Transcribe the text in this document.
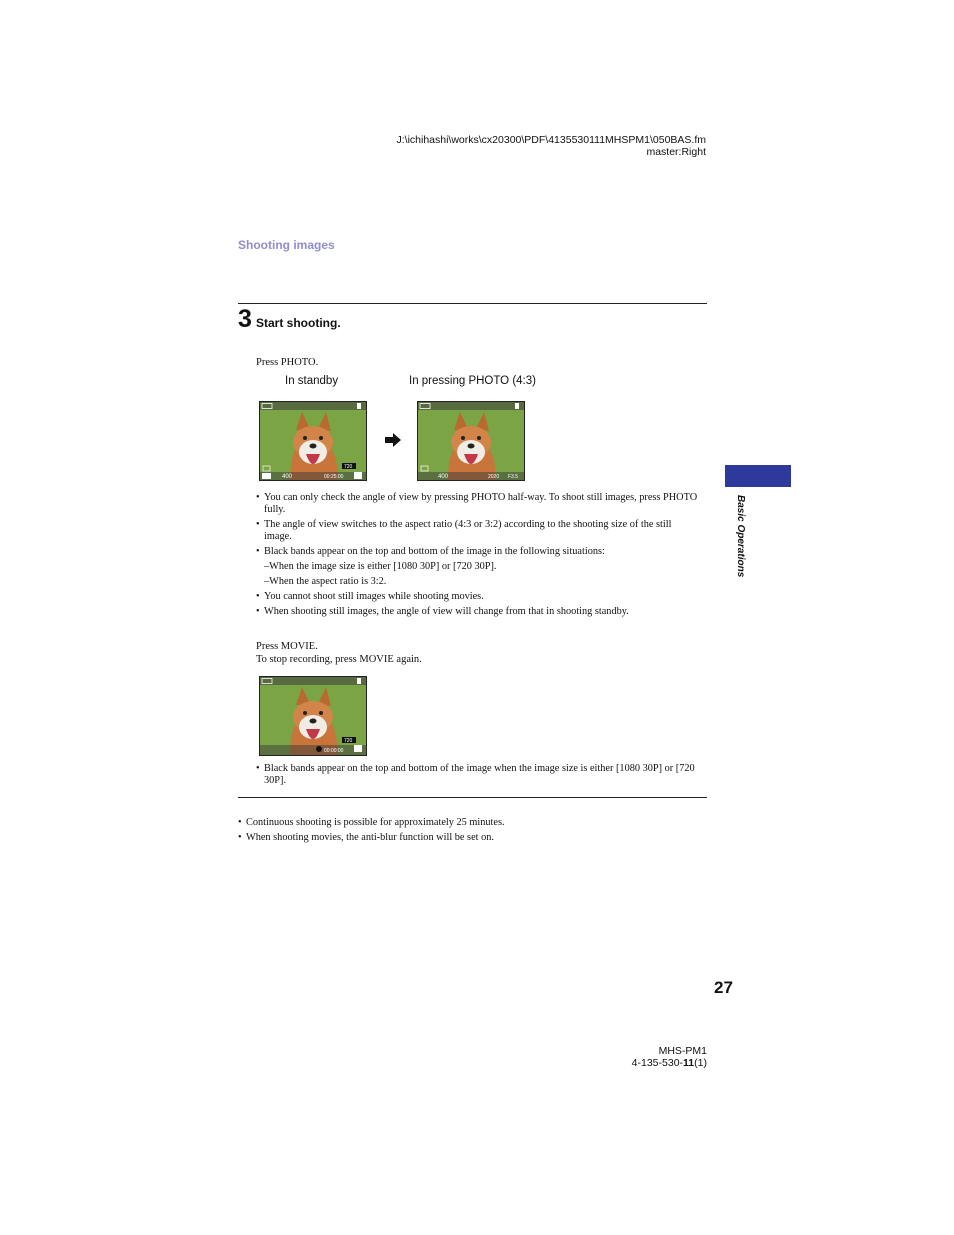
J:\ichihashi\works\cx20300\PDF\4135530111MHSPM1\050BAS.fm
master:Right
Shooting images
3 Start shooting.
Press PHOTO.
In standby	In pressing PHOTO (4:3)
400
720
00:25:00	400	2020 F3.5
• You can only check the angle of view by pressing PHOTO half-way. To shoot still images, press PHOTO fully.
• The angle of view switches to the aspect ratio (4:3 or 3:2) according to the shooting size of the still image.
• Black bands appear on the top and bottom of the image in the following situations:
–When the image size is either [1080 30P] or [720 30P].
–When the aspect ratio is 3:2.
• You cannot shoot still images while shooting movies.
• When shooting still images, the angle of view will change from that in shooting standby.
Press MOVIE.
To stop recording, press MOVIE again.
720
00:00:00
• Black bands appear on the top and bottom of the image when the image size is either [1080 30P] or [720 30P].
• Continuous shooting is possible for approximately 25 minutes.
• When shooting movies, the anti-blur function will be set on.
Basic Operations
27
MHS-PM1
4-135-530-11(1)
